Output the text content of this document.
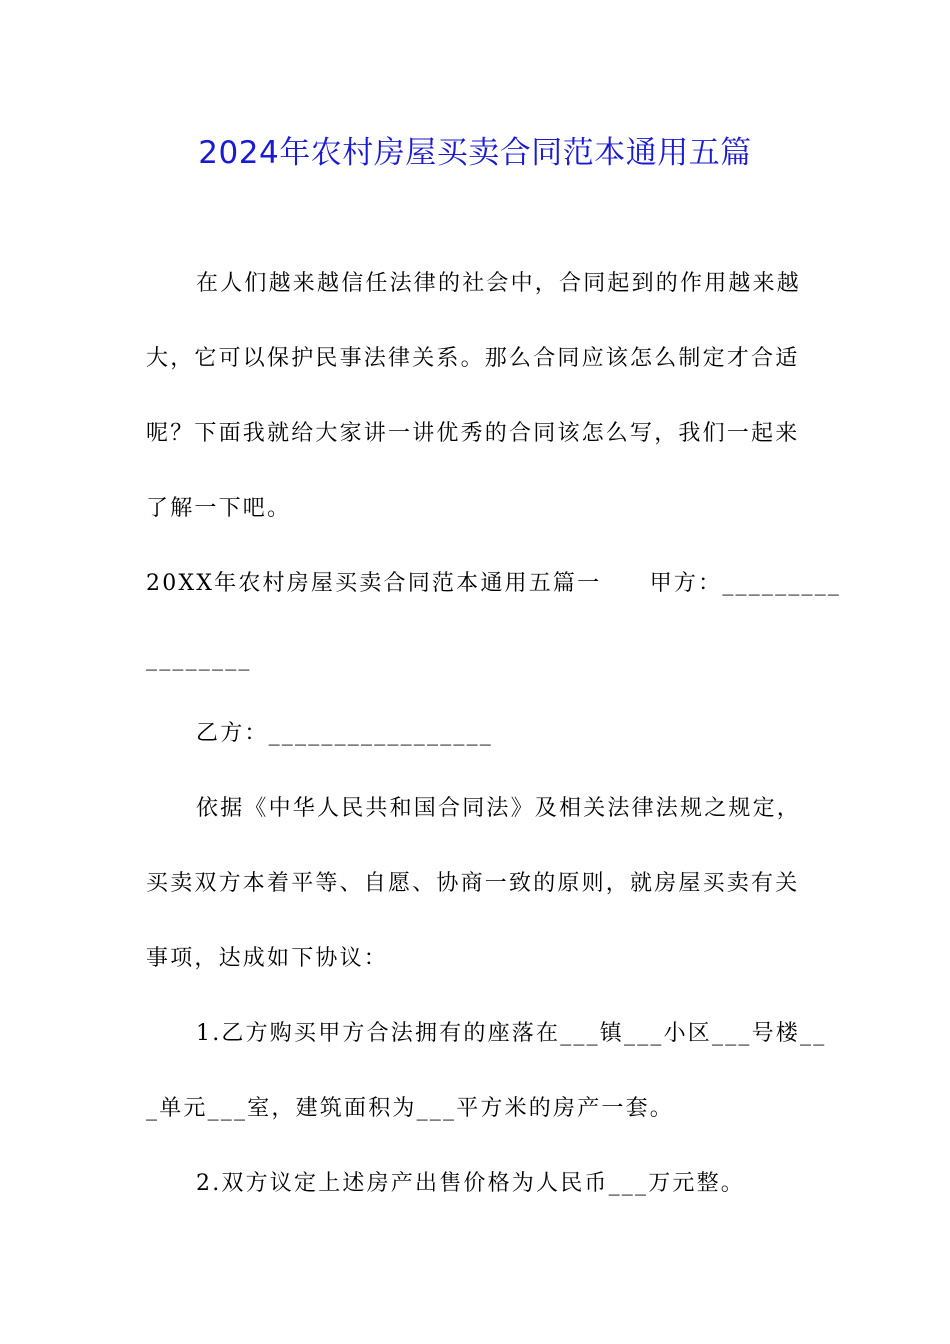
2024年农村房屋买卖合同范本通用五篇
在人们越来越信任法律的社会中，合同起到的作用越来越
大，它可以保护民事法律关系。那么合同应该怎么制定才合适
呢？下面我就给大家讲一讲优秀的合同该怎么写，我们一起来
了解一下吧。
20XX年农村房屋买卖合同范本通用五篇一　　甲方：_________
________
乙方：_________________
依据《中华人民共和国合同法》及相关法律法规之规定，
买卖双方本着平等、自愿、协商一致的原则，就房屋买卖有关
事项，达成如下协议：
1.乙方购买甲方合法拥有的座落在___镇___小区___号楼__
_单元___室，建筑面积为___平方米的房产一套。
2.双方议定上述房产出售价格为人民币___万元整。
